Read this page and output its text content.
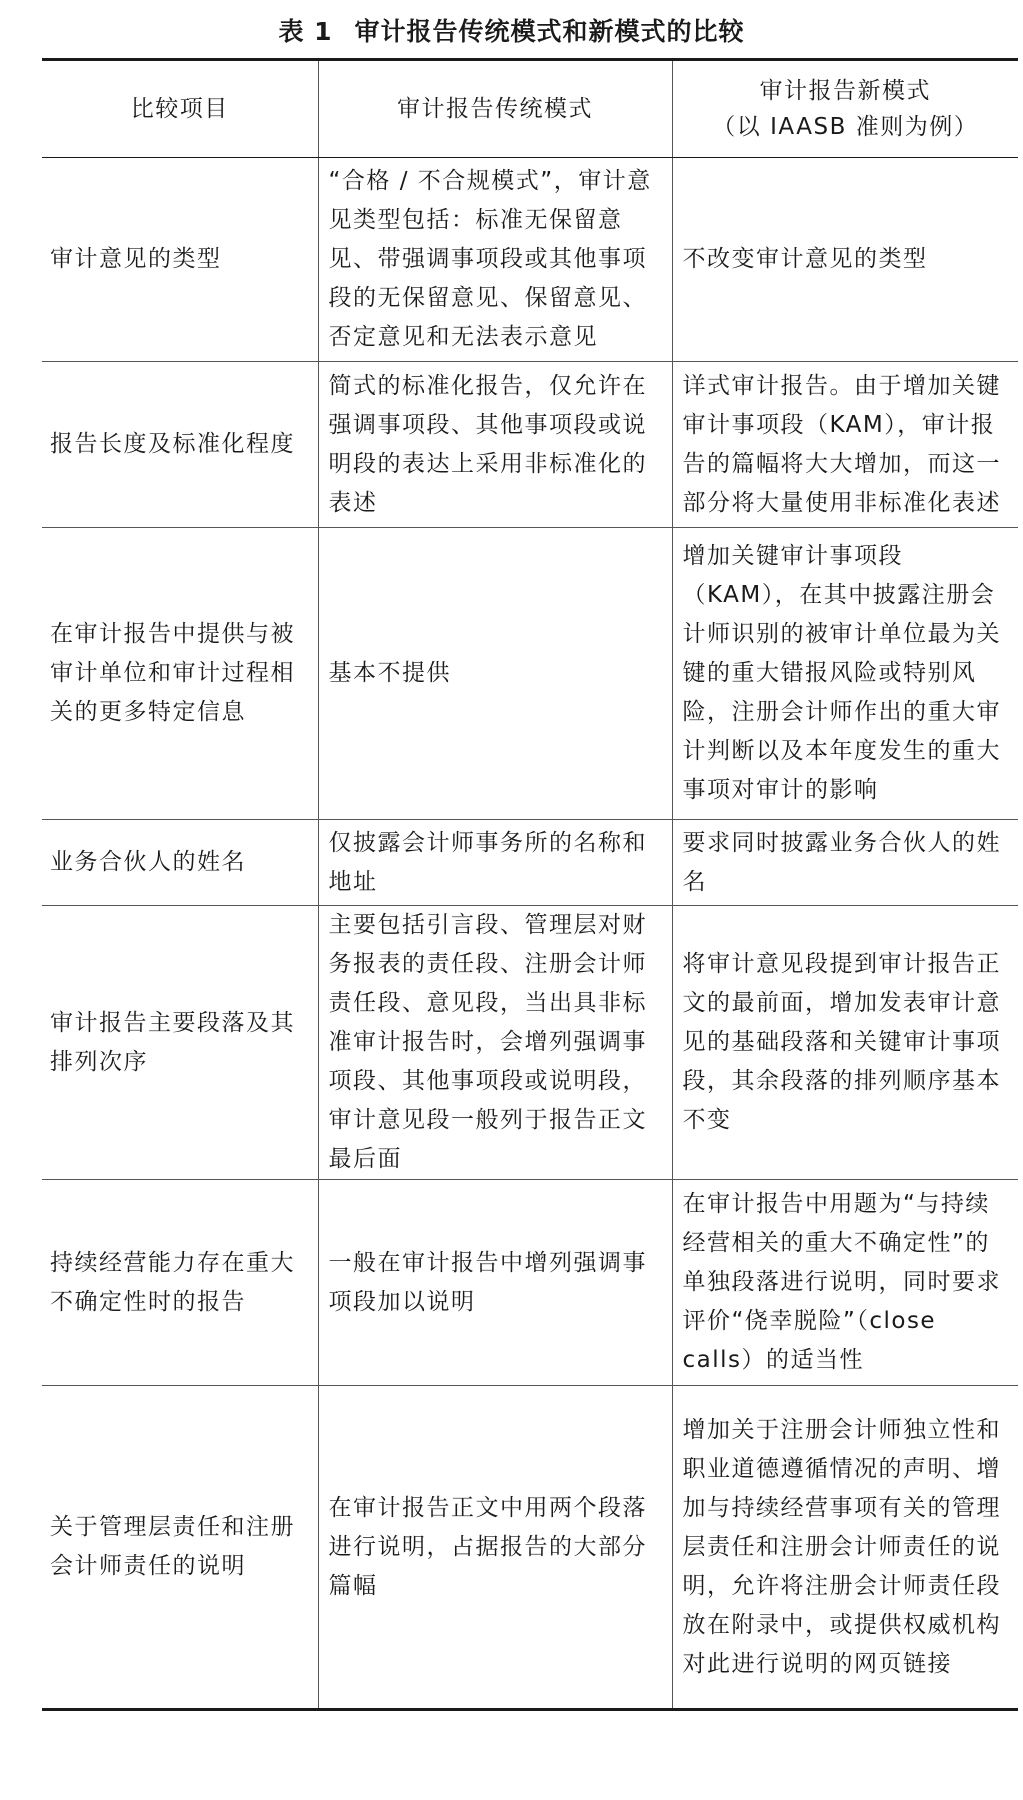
表 1 审计报告传统模式和新模式的比较
比较项目	审计报告传统模式	审计报告新模式
（以 IAASB 准则为例）

审计意见的类型	“合格 / 不合规模式”，审计意见类型包括：标准无保留意见、带强调事项段或其他事项段的无保留意见、保留意见、否定意见和无法表示意见	不改变审计意见的类型
报告长度及标准化程度	简式的标准化报告，仅允许在强调事项段、其他事项段或说明段的表达上采用非标准化的表述	详式审计报告。由于增加关键审计事项段（KAM），审计报告的篇幅将大大增加，而这一部分将大量使用非标准化表述
在审计报告中提供与被审计单位和审计过程相关的更多特定信息	基本不提供	增加关键审计事项段（KAM），在其中披露注册会计师识别的被审计单位最为关键的重大错报风险或特别风险，注册会计师作出的重大审计判断以及本年度发生的重大事项对审计的影响
业务合伙人的姓名	仅披露会计师事务所的名称和地址	要求同时披露业务合伙人的姓名
审计报告主要段落及其排列次序	主要包括引言段、管理层对财务报表的责任段、注册会计师责任段、意见段，当出具非标准审计报告时，会增列强调事项段、其他事项段或说明段，审计意见段一般列于报告正文最后面	将审计意见段提到审计报告正文的最前面，增加发表审计意见的基础段落和关键审计事项段，其余段落的排列顺序基本不变
持续经营能力存在重大不确定性时的报告	一般在审计报告中增列强调事项段加以说明	在审计报告中用题为“与持续经营相关的重大不确定性”的单独段落进行说明，同时要求评价“侥幸脱险”（close calls）的适当性
关于管理层责任和注册会计师责任的说明	在审计报告正文中用两个段落进行说明，占据报告的大部分篇幅	增加关于注册会计师独立性和职业道德遵循情况的声明、增加与持续经营事项有关的管理层责任和注册会计师责任的说明，允许将注册会计师责任段放在附录中，或提供权威机构对此进行说明的网页链接
